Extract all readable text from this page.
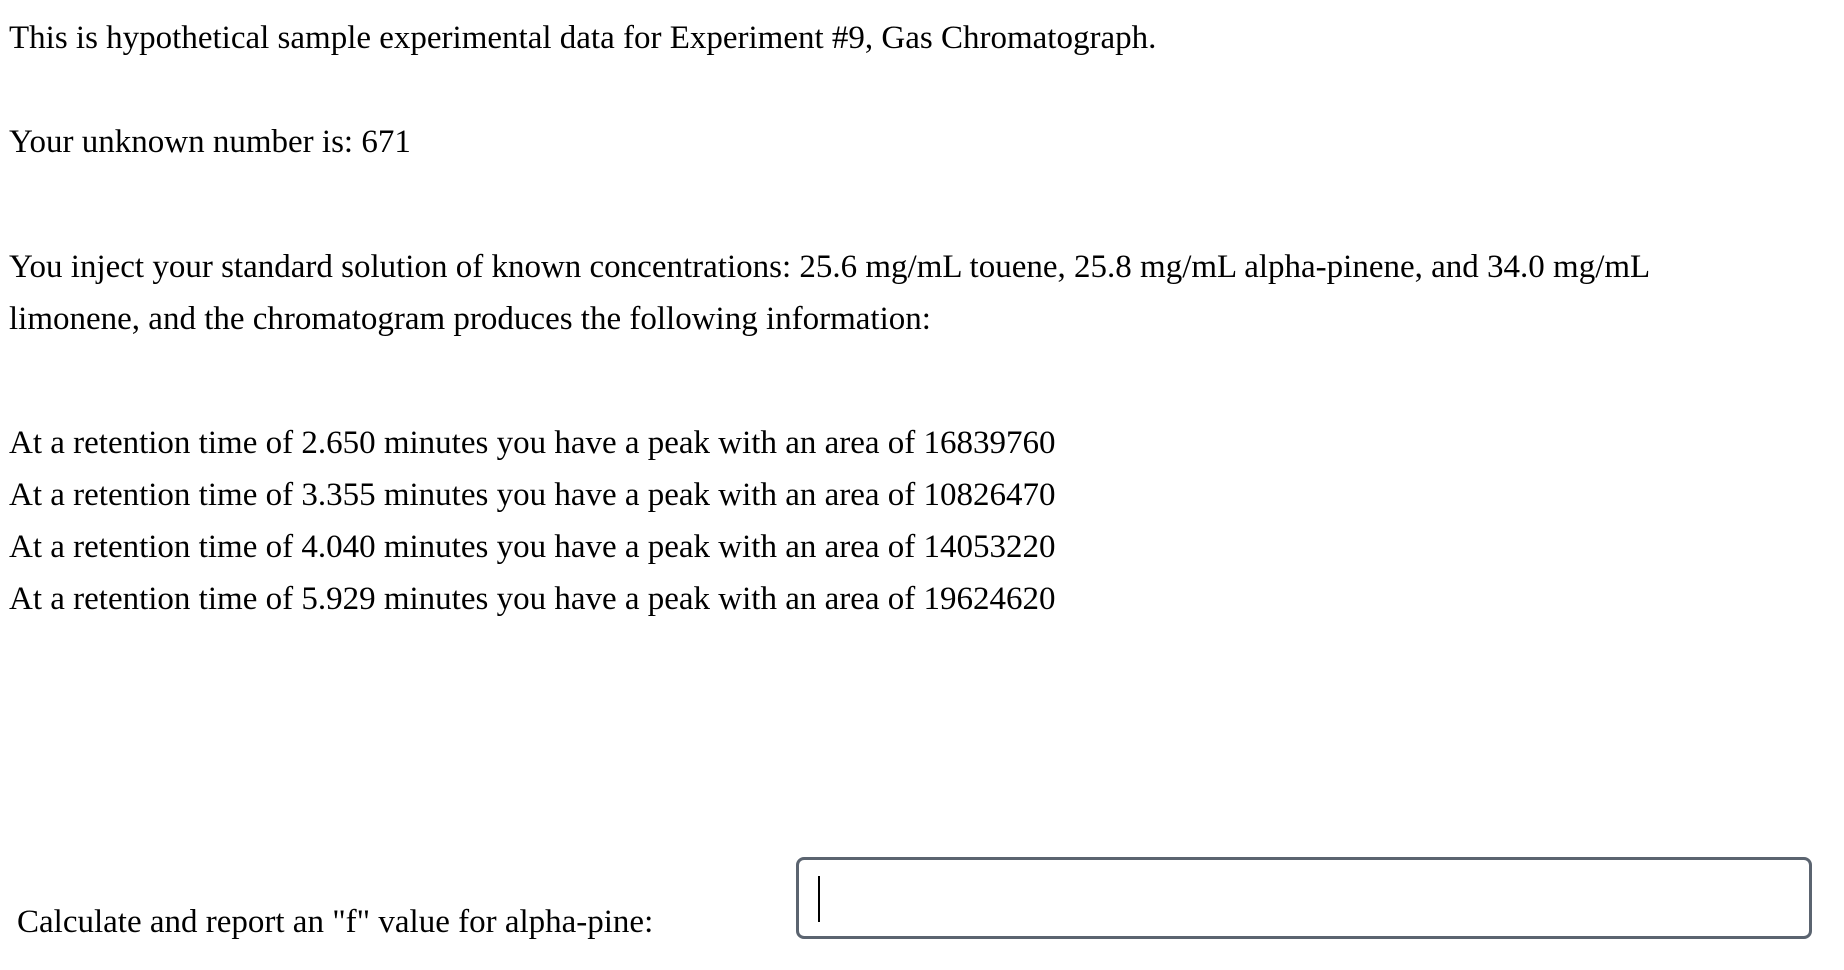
This is hypothetical sample experimental data for Experiment #9, Gas Chromatograph.
Your unknown number is: 671
You inject your standard solution of known concentrations: 25.6 mg/mL touene, 25.8 mg/mL alpha-pinene, and 34.0 mg/mL
limonene, and the chromatogram produces the following information:
At a retention time of 2.650 minutes you have a peak with an area of 16839760
At a retention time of 3.355 minutes you have a peak with an area of 10826470
At a retention time of 4.040 minutes you have a peak with an area of 14053220
At a retention time of 5.929 minutes you have a peak with an area of 19624620
Calculate and report an "f" value for alpha-pine:
